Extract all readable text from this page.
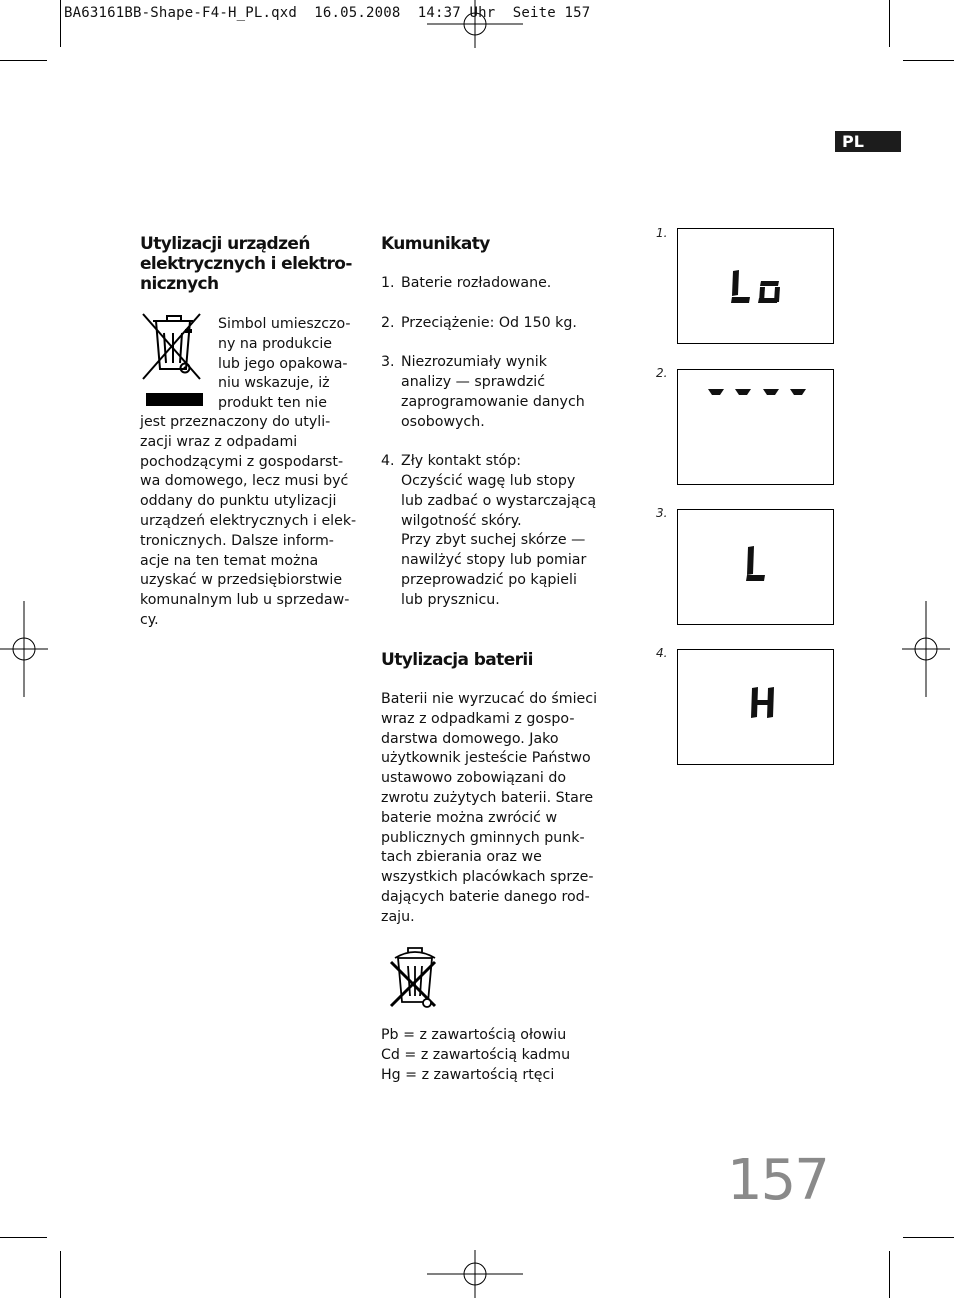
BA63161BB-Shape-F4-H_PL.qxd  16.05.2008  14:37 Uhr  Seite 157
PL
Utylizacji urządzeń
elektrycznych i elektro-
nicznych
Simbol umieszczo-
ny na produkcie
lub jego opakowa-
niu wskazuje, iż
produkt ten nie
jest przeznaczony do utyli-
zacji wraz z odpadami
pochodzącymi z gospodarst-
wa domowego, lecz musi być
oddany do punktu utylizacji
urządzeń elektrycznych i elek-
tronicznych. Dalsze inform-
acje na ten temat można
uzyskać w przedsiębiorstwie
komunalnym lub u sprzedaw-
cy.
Kumunikaty
1. Baterie rozładowane.
2. Przeciążenie: Od 150 kg.
3. Niezrozumiały wynik
analizy — sprawdzić
zaprogramowanie danych
osobowych.
4. Zły kontakt stóp:
Oczyścić wagę lub stopy
lub zadbać o wystarczającą
wilgotność skóry.
Przy zbyt suchej skórze —
nawilżyć stopy lub pomiar
przeprowadzić po kąpieli
lub prysznicu.
Utylizacja baterii
Baterii nie wyrzucać do śmieci
wraz z odpadkami z gospo-
darstwa domowego. Jako
użytkownik jesteście Państwo
ustawowo zobowiązani do
zwrotu zużytych baterii. Stare
baterie można zwrócić w
publicznych gminnych punk-
tach zbierania oraz we
wszystkich placówkach sprze-
dających baterie danego rod-
zaju.
Pb = z zawartością ołowiu
Cd = z zawartością kadmu
Hg = z zawartością rtęci
1.
2.
3.
4.
157
